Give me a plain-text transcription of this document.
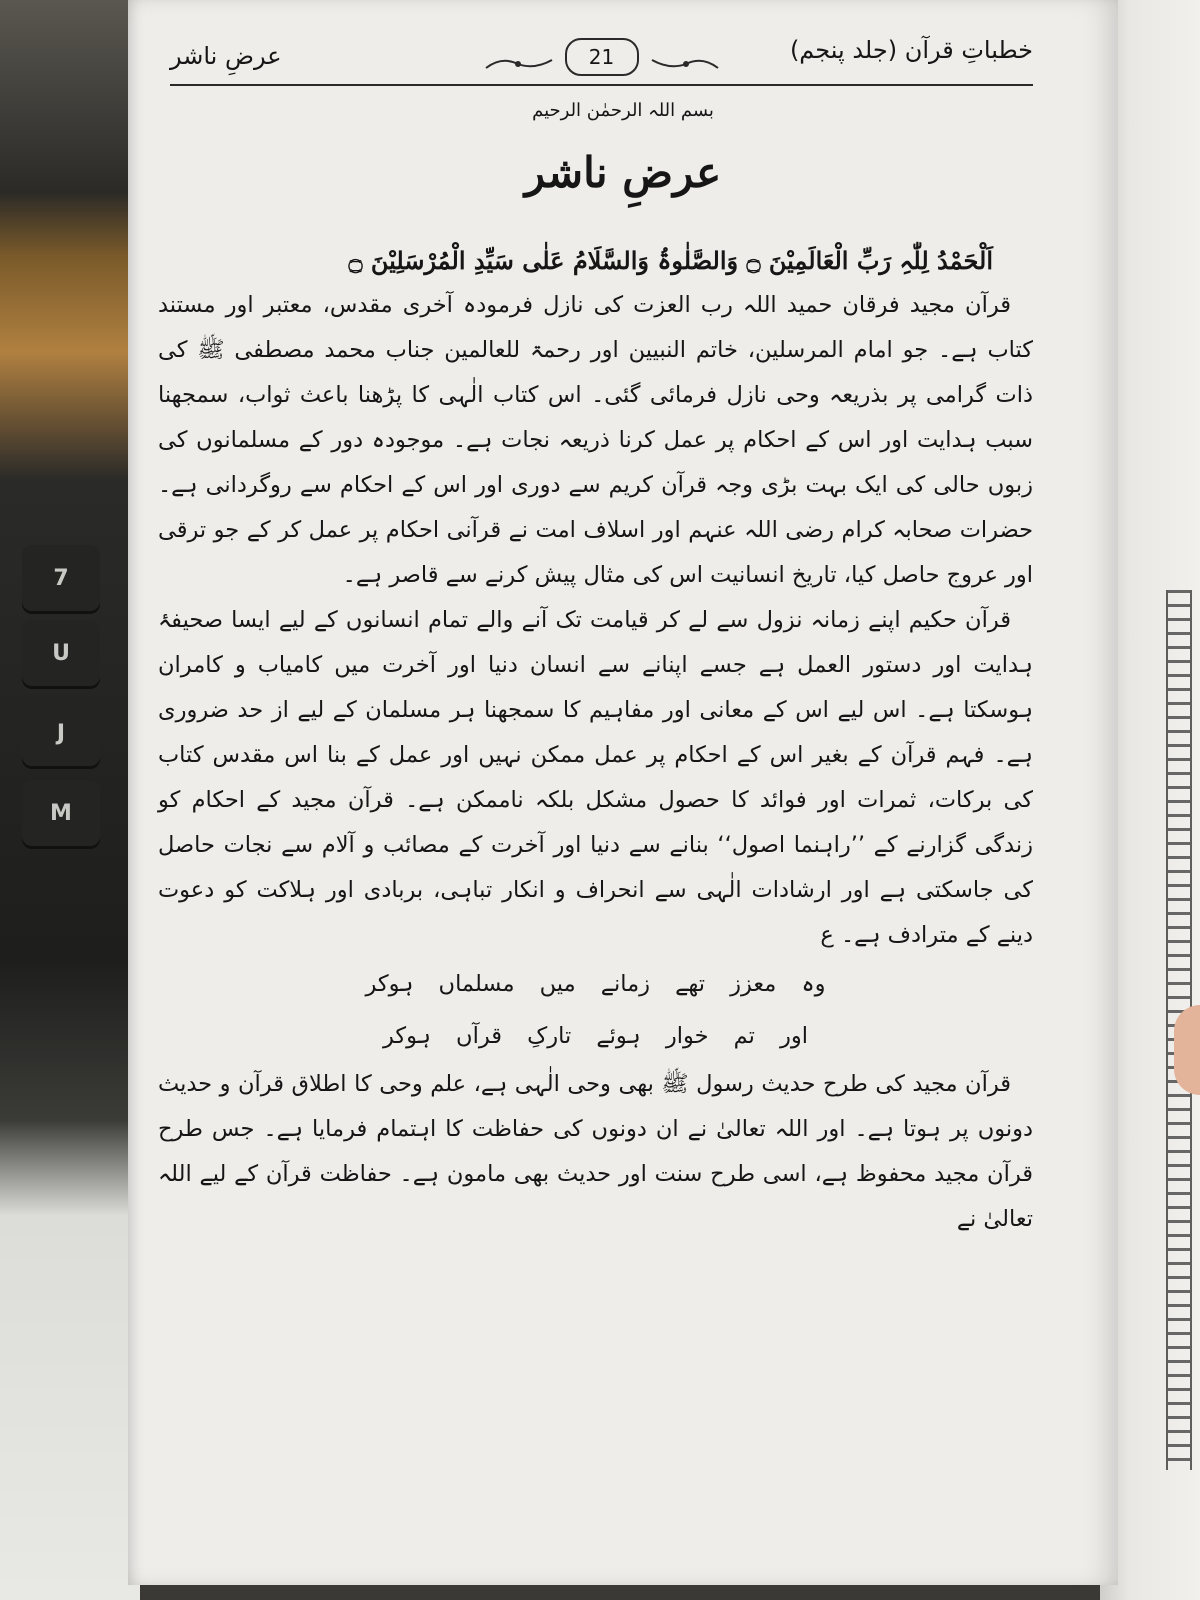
7
U
J
M
خطباتِ قرآن (جلد پنجم)
21
عرضِ ناشر
بسم اللہ الرحمٰن الرحیم
عرضِ ناشر

اَلْحَمْدُ لِلّٰہِ رَبِّ الْعَالَمِیْنَ ۝ وَالصَّلٰوۃُ وَالسَّلَامُ عَلٰی سَیِّدِ الْمُرْسَلِیْنَ ۝

قرآن مجید فرقان حمید اللہ رب العزت کی نازل فرمودہ آخری مقدس، معتبر اور مستند کتاب ہے۔ جو امام المرسلین، خاتم النبیین اور رحمۃ للعالمین جناب محمد مصطفی ﷺ کی ذات گرامی پر بذریعہ وحی نازل فرمائی گئی۔ اس کتاب الٰہی کا پڑھنا باعث ثواب، سمجھنا سبب ہدایت اور اس کے احکام پر عمل کرنا ذریعہ نجات ہے۔ موجودہ دور کے مسلمانوں کی زبوں حالی کی ایک بہت بڑی وجہ قرآن کریم سے دوری اور اس کے احکام سے روگردانی ہے۔ حضرات صحابہ کرام رضی اللہ عنہم اور اسلاف امت نے قرآنی احکام پر عمل کر کے جو ترقی اور عروج حاصل کیا، تاریخ انسانیت اس کی مثال پیش کرنے سے قاصر ہے۔

قرآن حکیم اپنے زمانہ نزول سے لے کر قیامت تک آنے والے تمام انسانوں کے لیے ایسا صحیفۂ ہدایت اور دستور العمل ہے جسے اپنانے سے انسان دنیا اور آخرت میں کامیاب و کامران ہوسکتا ہے۔ اس لیے اس کے معانی اور مفاہیم کا سمجھنا ہر مسلمان کے لیے از حد ضروری ہے۔ فہم قرآن کے بغیر اس کے احکام پر عمل ممکن نہیں اور عمل کے بنا اس مقدس کتاب کی برکات، ثمرات اور فوائد کا حصول مشکل بلکہ ناممکن ہے۔ قرآن مجید کے احکام کو زندگی گزارنے کے ’’راہنما اصول‘‘ بنانے سے دنیا اور آخرت کے مصائب و آلام سے نجات حاصل کی جاسکتی ہے اور ارشادات الٰہی سے انحراف و انکار تباہی، بربادی اور ہلاکت کو دعوت دینے کے مترادف ہے۔ ع

وہ معزز تھے زمانے میں مسلماں ہوکر

اور تم خوار ہوئے تارکِ قرآں ہوکر

قرآن مجید کی طرح حدیث رسول ﷺ بھی وحی الٰہی ہے، علم وحی کا اطلاق قرآن و حدیث دونوں پر ہوتا ہے۔ اور اللہ تعالیٰ نے ان دونوں کی حفاظت کا اہتمام فرمایا ہے۔ جس طرح قرآن مجید محفوظ ہے، اسی طرح سنت اور حدیث بھی مامون ہے۔ حفاظت قرآن کے لیے اللہ تعالیٰ نے
